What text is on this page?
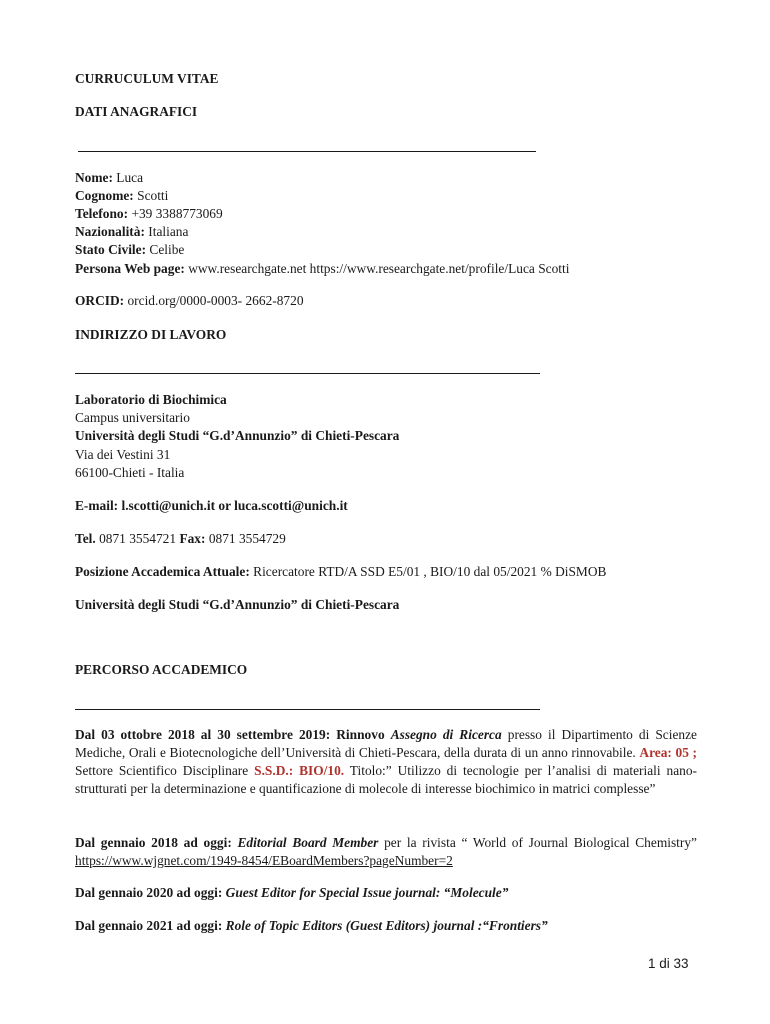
CURRUCULUM VITAE
DATI ANAGRAFICI
Nome: Luca
Cognome: Scotti
Telefono: +39 3388773069
Nazionalità: Italiana
Stato Civile: Celibe
Persona Web page: www.researchgate.net https://www.researchgate.net/profile/Luca Scotti
ORCID: orcid.org/0000-0003- 2662-8720
INDIRIZZO DI LAVORO
Laboratorio di Biochimica
Campus universitario
Università degli Studi “G.d’Annunzio” di Chieti-Pescara
Via dei Vestini 31
66100-Chieti - Italia
E-mail: l.scotti@unich.it or luca.scotti@unich.it
Tel. 0871 3554721 Fax: 0871 3554729
Posizione Accademica Attuale: Ricercatore RTD/A SSD E5/01 , BIO/10 dal 05/2021 % DiSMOB
Università degli Studi “G.d’Annunzio” di Chieti-Pescara
PERCORSO ACCADEMICO
Dal 03 ottobre 2018 al 30 settembre 2019: Rinnovo Assegno di Ricerca presso il Dipartimento di Scienze Mediche, Orali e Biotecnologiche dell’Università di Chieti-Pescara, della durata di un anno rinnovabile. Area: 05 ; Settore Scientifico Disciplinare S.S.D.: BIO/10. Titolo:” Utilizzo di tecnologie per l’analisi di materiali nano-strutturati per la determinazione e quantificazione di molecole di interesse biochimico in matrici complesse”
Dal gennaio 2018 ad oggi: Editorial Board Member per la rivista “ World of Journal Biological Chemistry” https://www.wjgnet.com/1949-8454/EBoardMembers?pageNumber=2
Dal gennaio 2020 ad oggi: Guest Editor for Special Issue journal: “Molecule”
Dal gennaio 2021 ad oggi: Role of Topic Editors (Guest Editors) journal :“Frontiers”
1 di 33
